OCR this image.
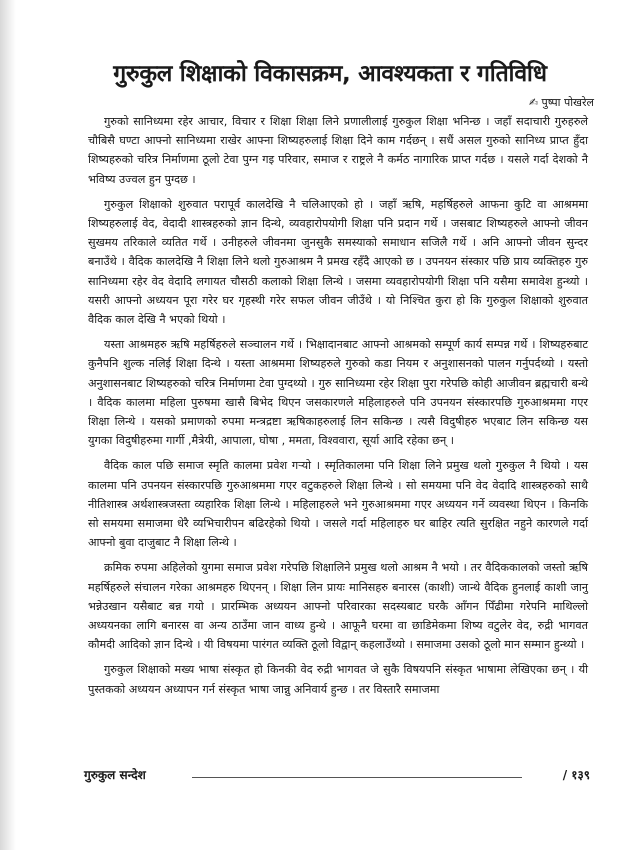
गुरुकुल शिक्षाको विकासक्रम, आवश्यकता र गतिविधि
✍ पुष्पा पोखरेल

गुरुको सानिध्यमा रहेर आचार, विचार र शिक्षा शिक्षा लिने प्रणालीलाई गुरुकुल शिक्षा भनिन्छ । जहाँ सदाचारी गुरुहरुले चौबिसै घण्टा आफ्नो सानिध्यमा राखेर आफ्ना शिष्यहरुलाई शिक्षा दिने काम गर्दछन् । सधैं असल गुरुको सानिध्य प्राप्त हुँदा शिष्यहरुको चरित्र निर्माणमा ठूलो टेवा पुग्न गइ परिवार, समाज र राष्ट्रले नै कर्मठ नागारिक प्राप्त गर्दछ । यसले गर्दा देशको नै भविष्य उज्वल हुन पुग्दछ ।

गुरुकुल शिक्षाको शुरुवात परापूर्व कालदेखि नै चलिआएको हो । जहाँ ऋषि, महर्षिहरुले आफना कुटि वा आश्रममा शिष्यहरुलाई वेद, वेदादी शास्त्रहरुको ज्ञान दिन्थे, व्यवहारोपयोगी शिक्षा पनि प्रदान गर्थे । जसबाट शिष्यहरुले आफ्नो जीवन सुखमय तरिकाले व्यतित गर्थे । उनीहरुले जीवनमा जुनसुकै समस्याको समाधान सजिलै गर्थे । अनि आफ्नो जीवन सुन्दर बनाउँथे । वैदिक कालदेखि नै शिक्षा लिने थलो गुरुआश्रम नै प्रमख रहँदै आएको छ । उपनयन संस्कार पछि प्राय व्यक्तिहरु गुरु सानिध्यमा रहेर वेद वेदादि लगायत चौसठी कलाको शिक्षा लिन्थे । जसमा व्यवहारोपयोगी शिक्षा पनि यसैमा समावेश हुन्थ्यो । यसरी आफ्नो अध्ययन पूरा गरेर घर गृहस्थी गरेर सफल जीवन जीउँथे । यो निश्चित कुरा हो कि गुरुकुल शिक्षाको शुरुवात वैदिक काल देखि नै भएको थियो ।

यस्ता आश्रमहरु ऋषि महर्षिहरुले सञ्चालन गर्थे । भिक्षादानबाट आफ्नो आश्रमको सम्पूर्ण कार्य सम्पन्न गर्थे । शिष्यहरुबाट कुनैपनि शुल्क नलिई शिक्षा दिन्थे । यस्ता आश्रममा शिष्यहरुले गुरुको कडा नियम र अनुशासनको पालन गर्नुपर्दथ्यो । यस्तो अनुशासनबाट शिष्यहरुको चरित्र निर्माणमा टेवा पुग्दथ्यो । गुरु सानिध्यमा रहेर शिक्षा पुरा गरेपछि कोही आजीवन ब्रह्मचारी बन्थे । वैदिक कालमा महिला पुरुषमा खासै बिभेद थिएन जसकारणले महिलाहरुले पनि उपनयन संस्कारपछि गुरुआश्रममा गएर शिक्षा लिन्थे । यसको प्रमाणको रुपमा मन्त्रद्रष्टा ऋषिकाहरुलाई लिन सकिन्छ । त्यसै विदुषीहरु भएबाट लिन सकिन्छ यस युगका विदुषीहरुमा गार्गी ,मैत्रेयी, आपाला, घोषा , ममता, विश्ववारा, सूर्या आदि रहेका छन् ।

वैदिक काल पछि समाज स्मृति कालमा प्रवेश गऱ्यो । स्मृतिकालमा पनि शिक्षा लिने प्रमुख थलो गुरुकुल नै थियो । यस कालमा पनि उपनयन संस्कारपछि गुरुआश्रममा गएर वटुकहरुले शिक्षा लिन्थे । सो समयमा पनि वेद वेदादि शास्त्रहरुको साथै नीतिशास्त्र अर्थशास्त्रजस्ता व्यहारिक शिक्षा लिन्थे । महिलाहरुले भने गुरुआश्रममा गएर अध्ययन गर्ने व्यवस्था थिएन । किनकि सो समयमा समाजमा धेरै व्यभिचारीपन बढिरहेको थियो । जसले गर्दा महिलाहरु घर बाहिर त्यति सुरक्षित नहुने कारणले गर्दा आफ्नो बुवा दाजुबाट नै शिक्षा लिन्थे ।

क्रमिक रुपमा अहिलेको युगमा समाज प्रवेश गरेपछि शिक्षालिने प्रमुख थलो आश्रम नै भयो । तर वैदिककालको जस्तो ऋषि महर्षिहरुले संचालन गरेका आश्रमहरु थिएनन् । शिक्षा लिन प्रायः मानिसहरु बनारस (काशी) जान्थे वैदिक हुनलाई काशी जानु भन्नेउखान यसैबाट बन्न गयो । प्रारम्भिक अध्ययन आफ्नो परिवारका सदस्यबाट घरकै आँगन पिँढीमा गरेपनि माथिल्लो अध्ययनका लागि बनारस वा अन्य ठाउँमा जान वाध्य हुन्थे । आफूनै घरमा वा छाडिमेकमा शिष्य वटुलेर वेद, रुद्री भागवत कौमदी आदिको ज्ञान दिन्थे । यी विषयमा पारंगत व्यक्ति ठूलो विद्वान् कहलाउँथ्यो । समाजमा उसको ठूलो मान सम्मान हुन्थ्यो ।

गुरुकुल शिक्षाको मख्य भाषा संस्कृत हो किनकी वेद रुद्री भागवत जे सुकै विषयपनि संस्कृत भाषामा लेखिएका छन् । यी पुस्तकको अध्ययन अध्यापन गर्न संस्कृत भाषा जान्नु अनिवार्य हुन्छ । तर विस्तारै समाजमा

गुरुकुल सन्देश	/ १३९
